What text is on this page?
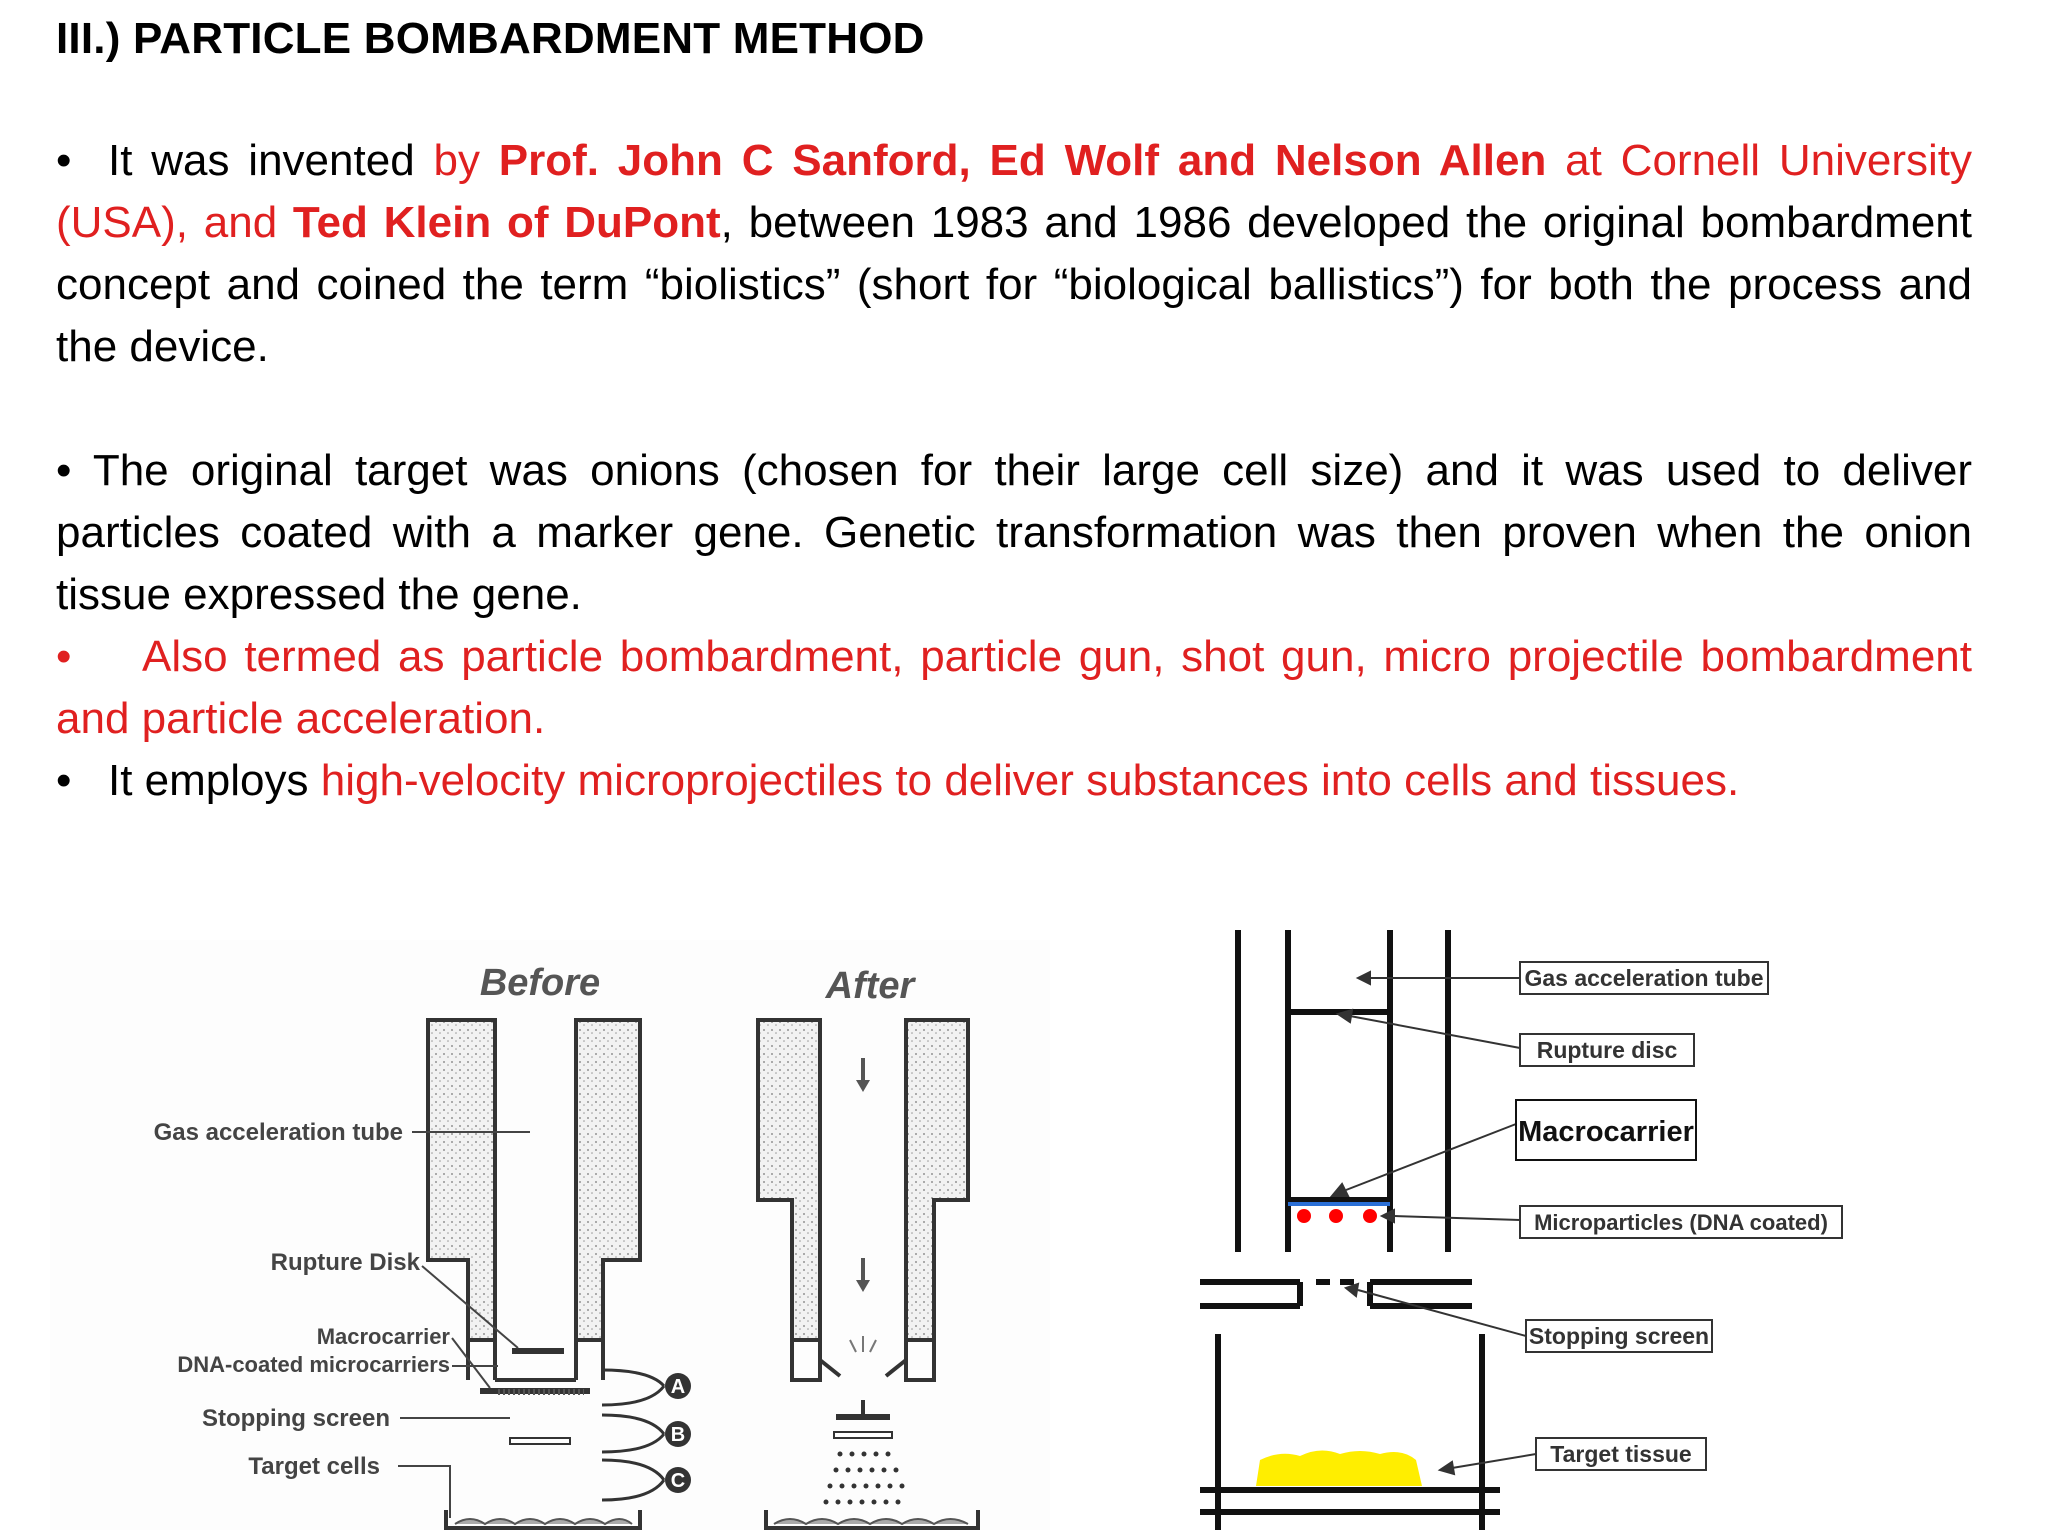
III.) PARTICLE BOMBARDMENT METHOD

• It was invented by Prof. John C Sanford, Ed Wolf and Nelson Allen at Cornell University (USA), and Ted Klein of DuPont, between 1983 and 1986 developed the original bombardment concept and coined the term “biolistics” (short for “biological ballistics”) for both the process and the device.

• The original target was onions (chosen for their large cell size) and it was used to deliver particles coated with a marker gene. Genetic transformation was then proven when the onion tissue expressed the gene.

• Also termed as particle bombardment, particle gun, shot gun, micro projectile bombardment and particle acceleration.

• It employs high-velocity microprojectiles to deliver substances into cells and tissues.

Before	After
A
B
C
Gas acceleration tube
Rupture Disk
Macrocarrier
DNA-coated microcarriers
Stopping screen
Target cells
Gas acceleration tube
Rupture disc
Macrocarrier
Microparticles (DNA coated)
Stopping screen
Target tissue
